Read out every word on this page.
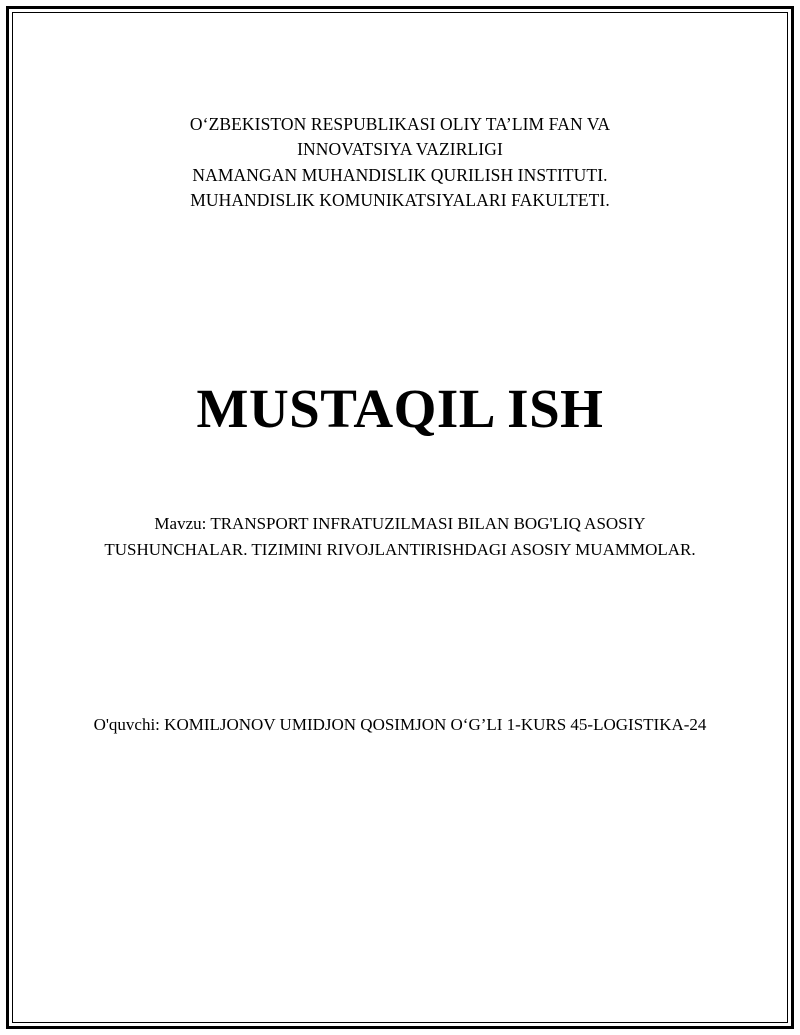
O‘ZBEKISTON RESPUBLIKASI OLIY TA’LIM FAN VA
INNOVATSIYA VAZIRLIGI
NAMANGAN MUHANDISLIK QURILISH INSTITUTI.
MUHANDISLIK KOMUNIKATSIYALARI FAKULTETI.
MUSTAQIL ISH
Mavzu: TRANSPORT INFRATUZILMASI BILAN BOG'LIQ ASOSIY TUSHUNCHALAR. TIZIMINI RIVOJLANTIRISHDAGI ASOSIY MUAMMOLAR.
O'quvchi: KOMILJONOV UMIDJON QOSIMJON O‘G’LI 1-KURS 45-LOGISTIKA-24
